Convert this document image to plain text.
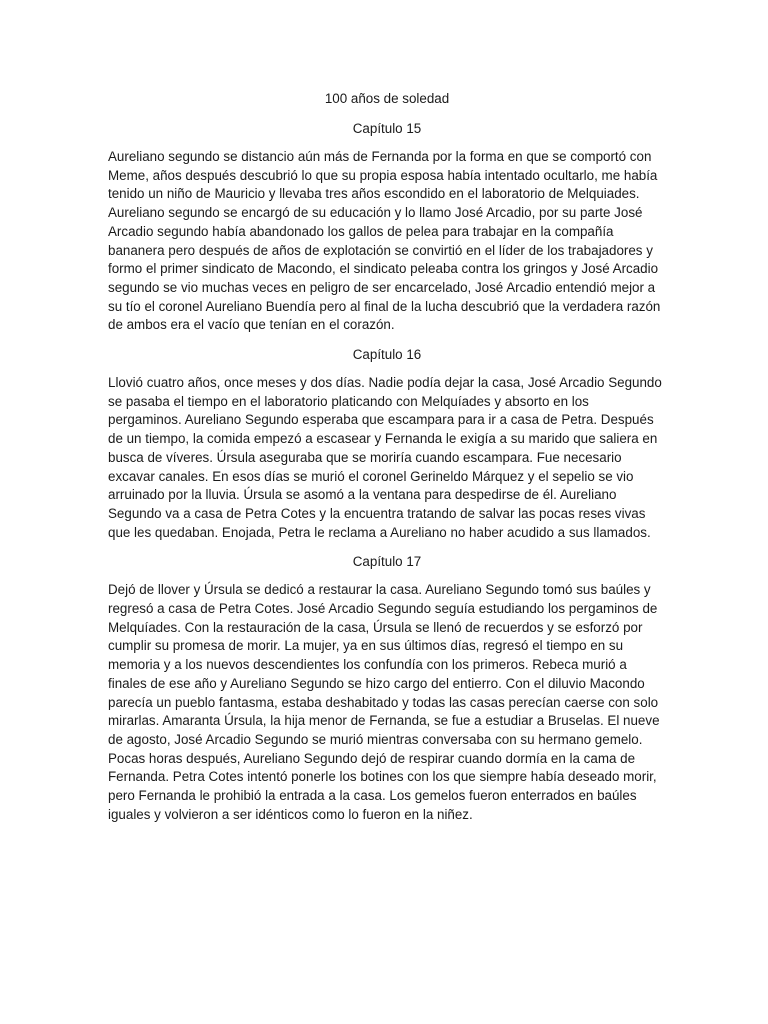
100 años de soledad
Capítulo 15

Aureliano segundo se distancio aún más de Fernanda por la forma en que se comportó con Meme, años después descubrió lo que su propia esposa había intentado ocultarlo, me había tenido un niño de Mauricio y llevaba tres años escondido en el laboratorio de Melquiades. Aureliano segundo se encargó de su educación y lo llamo José Arcadio, por su parte José Arcadio segundo había abandonado los gallos de pelea para trabajar en la compañía bananera pero después de años de explotación se convirtió en el líder de los trabajadores y formo el primer sindicato de Macondo, el sindicato peleaba contra los gringos y José Arcadio segundo se vio muchas veces en peligro de ser encarcelado, José Arcadio entendió mejor a su tío el coronel Aureliano Buendía pero al final de la lucha descubrió que la verdadera razón de ambos era el vacío que tenían en el corazón.

Capítulo 16

Llovió cuatro años, once meses y dos días. Nadie podía dejar la casa, José Arcadio Segundo se pasaba el tiempo en el laboratorio platicando con Melquíades y absorto en los pergaminos. Aureliano Segundo esperaba que escampara para ir a casa de Petra. Después de un tiempo, la comida empezó a escasear y Fernanda le exigía a su marido que saliera en busca de víveres. Úrsula aseguraba que se moriría cuando escampara. Fue necesario excavar canales. En esos días se murió el coronel Gerineldo Márquez y el sepelio se vio arruinado por la lluvia. Úrsula se asomó a la ventana para despedirse de él. Aureliano Segundo va a casa de Petra Cotes y la encuentra tratando de salvar las pocas reses vivas que les quedaban. Enojada, Petra le reclama a Aureliano no haber acudido a sus llamados.

Capítulo 17

Dejó de llover y Úrsula se dedicó a restaurar la casa. Aureliano Segundo tomó sus baúles y regresó a casa de Petra Cotes. José Arcadio Segundo seguía estudiando los pergaminos de Melquíades. Con la restauración de la casa, Úrsula se llenó de recuerdos y se esforzó por cumplir su promesa de morir. La mujer, ya en sus últimos días, regresó el tiempo en su memoria y a los nuevos descendientes los confundía con los primeros. Rebeca murió a finales de ese año y Aureliano Segundo se hizo cargo del entierro. Con el diluvio Macondo parecía un pueblo fantasma, estaba deshabitado y todas las casas perecían caerse con solo mirarlas. Amaranta Úrsula, la hija menor de Fernanda, se fue a estudiar a Bruselas. El nueve de agosto, José Arcadio Segundo se murió mientras conversaba con su hermano gemelo. Pocas horas después, Aureliano Segundo dejó de respirar cuando dormía en la cama de Fernanda. Petra Cotes intentó ponerle los botines con los que siempre había deseado morir, pero Fernanda le prohibió la entrada a la casa. Los gemelos fueron enterrados en baúles iguales y volvieron a ser idénticos como lo fueron en la niñez.
